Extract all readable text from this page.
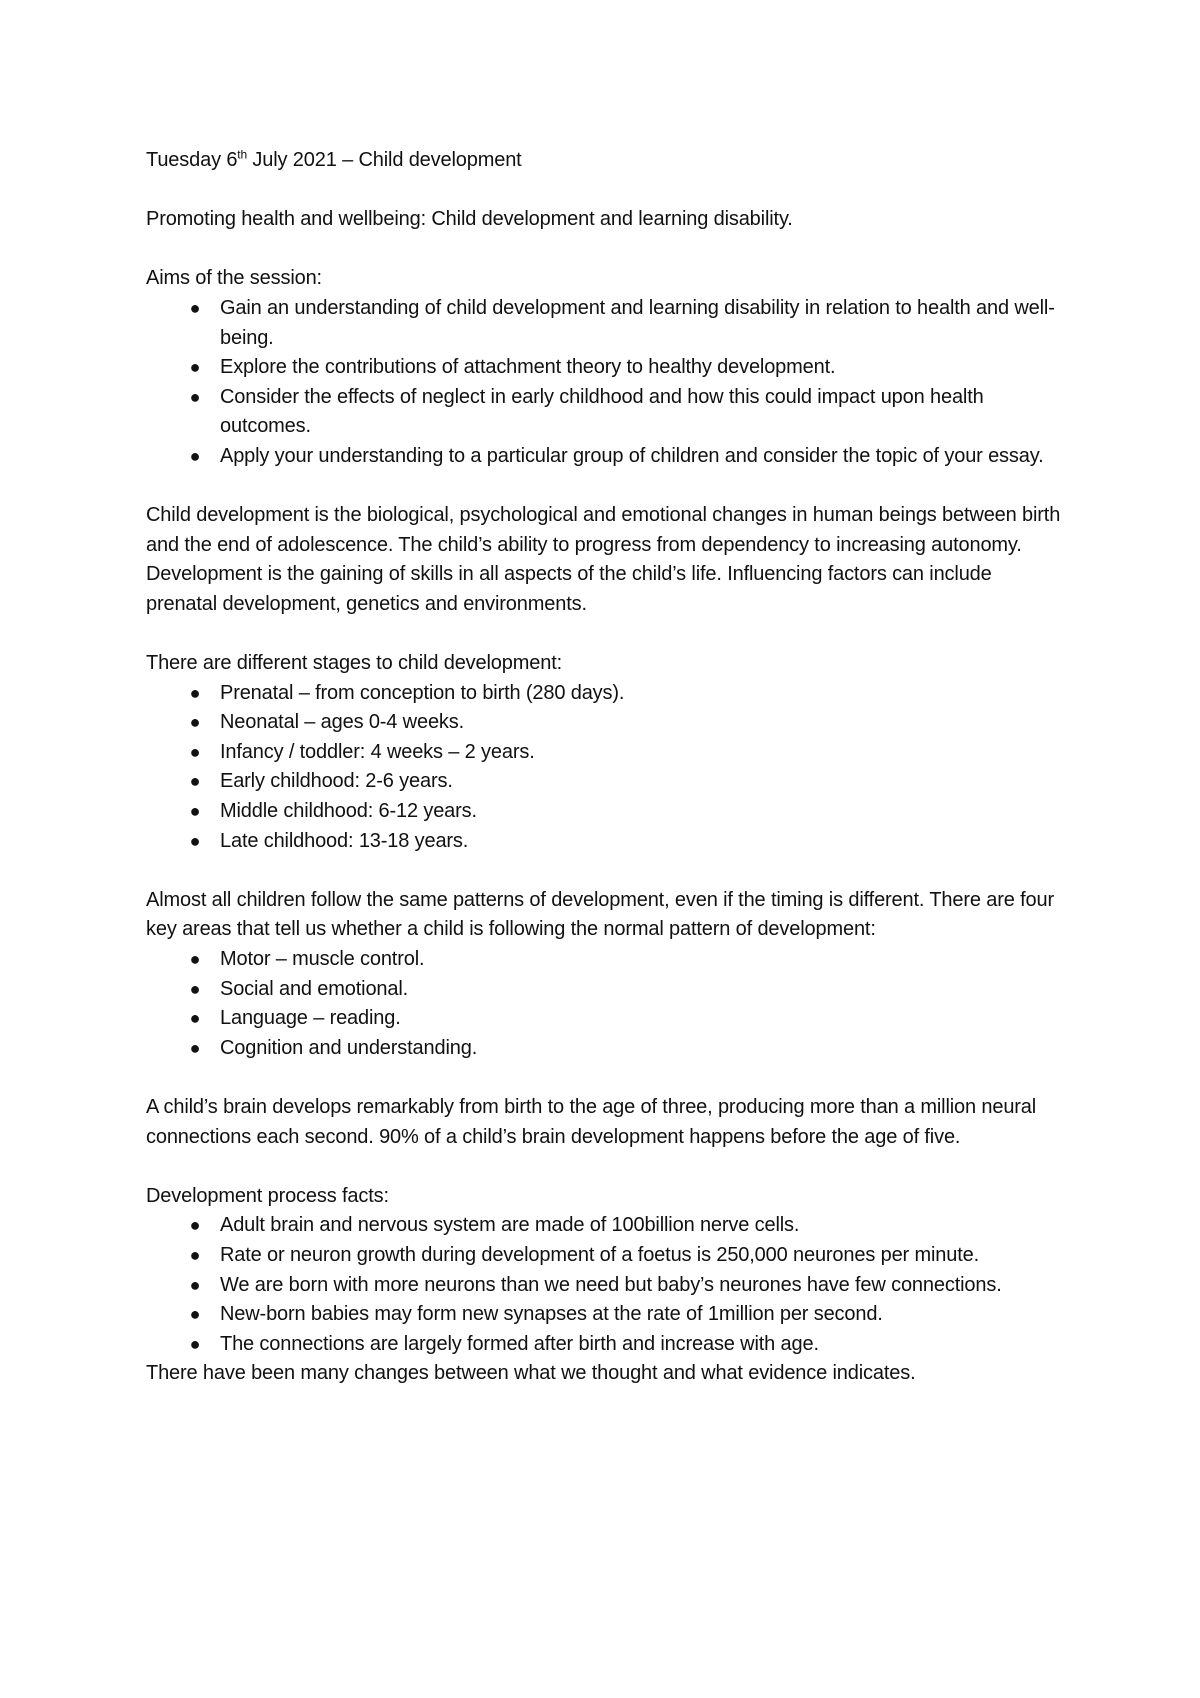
Tuesday 6th July 2021 – Child development

Promoting health and wellbeing: Child development and learning disability.

Aims of the session:

● Gain an understanding of child development and learning disability in relation to health and well-being.
● Explore the contributions of attachment theory to healthy development.
● Consider the effects of neglect in early childhood and how this could impact upon health outcomes.
● Apply your understanding to a particular group of children and consider the topic of your essay.

Child development is the biological, psychological and emotional changes in human beings between birth and the end of adolescence. The child’s ability to progress from dependency to increasing autonomy. Development is the gaining of skills in all aspects of the child’s life. Influencing factors can include prenatal development, genetics and environments.

There are different stages to child development:

● Prenatal – from conception to birth (280 days).
● Neonatal – ages 0-4 weeks.
● Infancy / toddler: 4 weeks – 2 years.
● Early childhood: 2-6 years.
● Middle childhood: 6-12 years.
● Late childhood: 13-18 years.

Almost all children follow the same patterns of development, even if the timing is different. There are four key areas that tell us whether a child is following the normal pattern of development:

● Motor – muscle control.
● Social and emotional.
● Language – reading.
● Cognition and understanding.

A child’s brain develops remarkably from birth to the age of three, producing more than a million neural connections each second. 90% of a child’s brain development happens before the age of five.

Development process facts:

● Adult brain and nervous system are made of 100billion nerve cells.
● Rate or neuron growth during development of a foetus is 250,000 neurones per minute.
● We are born with more neurons than we need but baby’s neurones have few connections.
● New-born babies may form new synapses at the rate of 1million per second.
● The connections are largely formed after birth and increase with age.

There have been many changes between what we thought and what evidence indicates.
